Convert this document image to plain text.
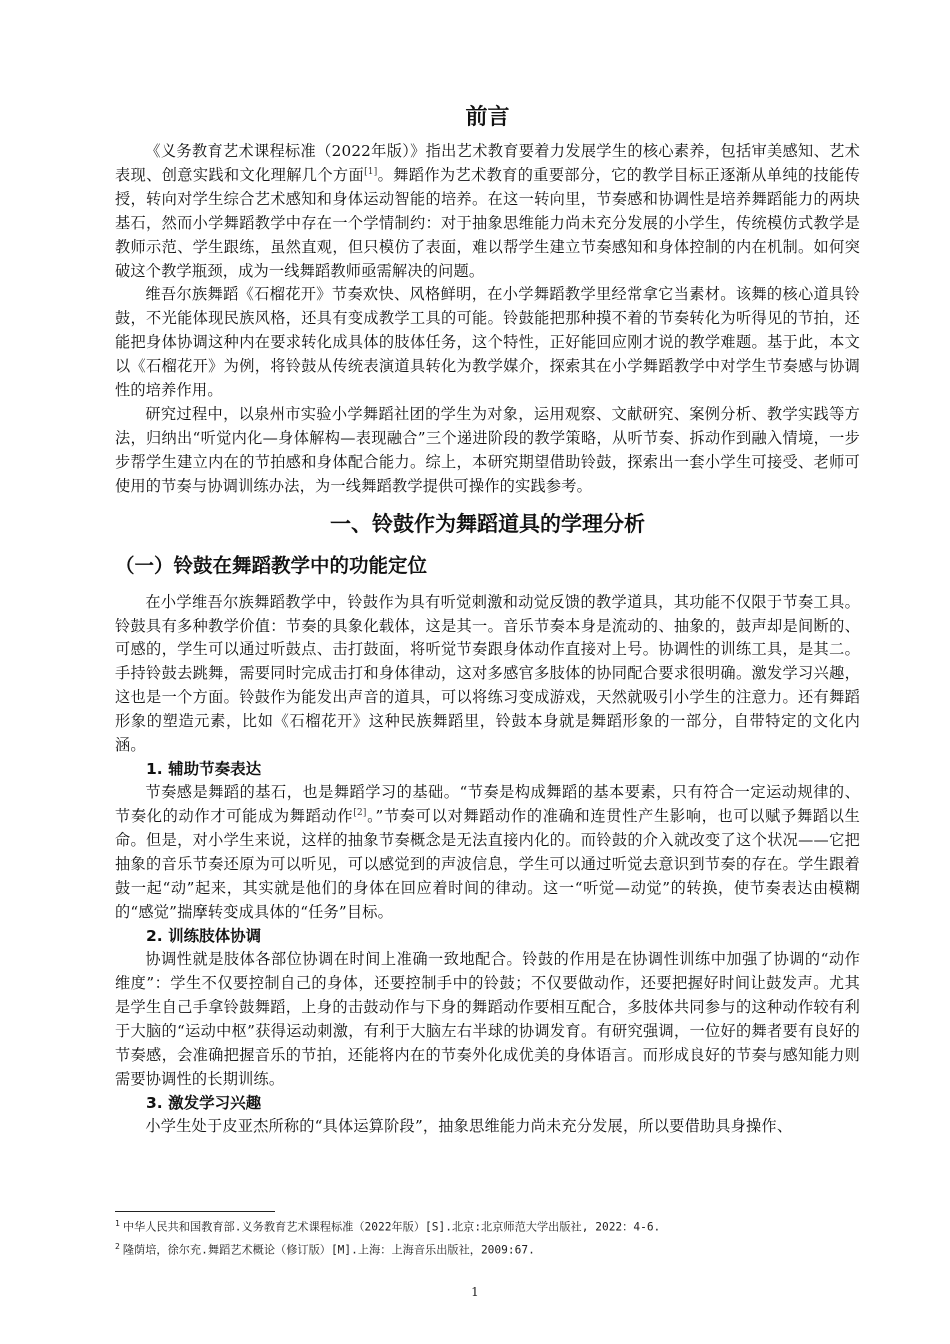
前言

《义务教育艺术课程标准（2022年版）》指出艺术教育要着力发展学生的核心素养，包括审美感知、艺术表现、创意实践和文化理解几个方面[1]。舞蹈作为艺术教育的重要部分，它的教学目标正逐渐从单纯的技能传授，转向对学生综合艺术感知和身体运动智能的培养。在这一转向里，节奏感和协调性是培养舞蹈能力的两块基石，然而小学舞蹈教学中存在一个学情制约：对于抽象思维能力尚未充分发展的小学生，传统模仿式教学是教师示范、学生跟练，虽然直观，但只模仿了表面，难以帮学生建立节奏感知和身体控制的内在机制。如何突破这个教学瓶颈，成为一线舞蹈教师亟需解决的问题。

维吾尔族舞蹈《石榴花开》节奏欢快、风格鲜明，在小学舞蹈教学里经常拿它当素材。该舞的核心道具铃鼓，不光能体现民族风格，还具有变成教学工具的可能。铃鼓能把那种摸不着的节奏转化为听得见的节拍，还能把身体协调这种内在要求转化成具体的肢体任务，这个特性，正好能回应刚才说的教学难题。基于此，本文以《石榴花开》为例，将铃鼓从传统表演道具转化为教学媒介，探索其在小学舞蹈教学中对学生节奏感与协调性的培养作用。

研究过程中，以泉州市实验小学舞蹈社团的学生为对象，运用观察、文献研究、案例分析、教学实践等方法，归纳出“听觉内化—身体解构—表现融合”三个递进阶段的教学策略，从听节奏、拆动作到融入情境，一步步帮学生建立内在的节拍感和身体配合能力。综上，本研究期望借助铃鼓，探索出一套小学生可接受、老师可使用的节奏与协调训练办法，为一线舞蹈教学提供可操作的实践参考。

一、铃鼓作为舞蹈道具的学理分析
（一）铃鼓在舞蹈教学中的功能定位

在小学维吾尔族舞蹈教学中，铃鼓作为具有听觉刺激和动觉反馈的教学道具，其功能不仅限于节奏工具。铃鼓具有多种教学价值：节奏的具象化载体，这是其一。音乐节奏本身是流动的、抽象的，鼓声却是间断的、可感的，学生可以通过听鼓点、击打鼓面，将听觉节奏跟身体动作直接对上号。协调性的训练工具，是其二。手持铃鼓去跳舞，需要同时完成击打和身体律动，这对多感官多肢体的协同配合要求很明确。激发学习兴趣，这也是一个方面。铃鼓作为能发出声音的道具，可以将练习变成游戏，天然就吸引小学生的注意力。还有舞蹈形象的塑造元素，比如《石榴花开》这种民族舞蹈里，铃鼓本身就是舞蹈形象的一部分，自带特定的文化内涵。

1. 辅助节奏表达

节奏感是舞蹈的基石，也是舞蹈学习的基础。“节奏是构成舞蹈的基本要素，只有符合一定运动规律的、节奏化的动作才可能成为舞蹈动作[2]。”节奏可以对舞蹈动作的准确和连贯性产生影响，也可以赋予舞蹈以生命。但是，对小学生来说，这样的抽象节奏概念是无法直接内化的。而铃鼓的介入就改变了这个状况——它把抽象的音乐节奏还原为可以听见，可以感觉到的声波信息，学生可以通过听觉去意识到节奏的存在。学生跟着鼓一起“动”起来，其实就是他们的身体在回应着时间的律动。这一“听觉—动觉”的转换，使节奏表达由模糊的“感觉”揣摩转变成具体的“任务”目标。

2. 训练肢体协调

协调性就是肢体各部位协调在时间上准确一致地配合。铃鼓的作用是在协调性训练中加强了协调的“动作维度”：学生不仅要控制自己的身体，还要控制手中的铃鼓；不仅要做动作，还要把握好时间让鼓发声。尤其是学生自己手拿铃鼓舞蹈，上身的击鼓动作与下身的舞蹈动作要相互配合，多肢体共同参与的这种动作较有利于大脑的“运动中枢”获得运动刺激，有利于大脑左右半球的协调发育。有研究强调，一位好的舞者要有良好的节奏感，会准确把握音乐的节拍，还能将内在的节奏外化成优美的身体语言。而形成良好的节奏与感知能力则需要协调性的长期训练。

3. 激发学习兴趣

小学生处于皮亚杰所称的“具体运算阶段”，抽象思维能力尚未充分发展，所以要借助具身操作、

$^1$ 中华人民共和国教育部.义务教育艺术课程标准（2022年版）[S].北京:北京师范大学出版社, 2022：4-6.

$^2$ 隆荫培，徐尔充.舞蹈艺术概论（修订版）[M].上海：上海音乐出版社，2009:67.

1
